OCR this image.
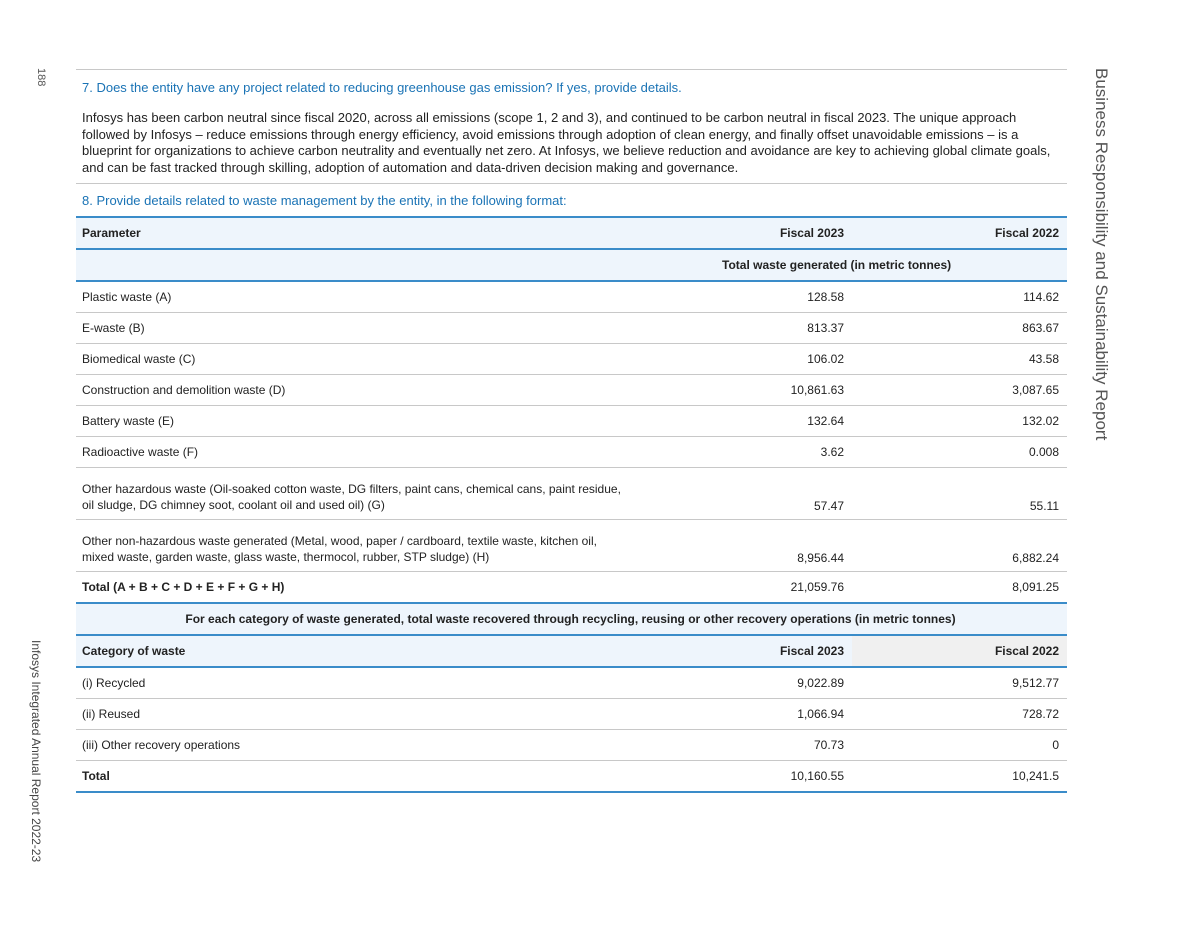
188
Infosys Integrated Annual Report 2022-23
Business Responsibility and Sustainability Report
7. Does the entity have any project related to reducing greenhouse gas emission? If yes, provide details.
Infosys has been carbon neutral since fiscal 2020, across all emissions (scope 1, 2 and 3), and continued to be carbon neutral in fiscal 2023. The unique approach followed by Infosys – reduce emissions through energy efficiency, avoid emissions through adoption of clean energy, and finally offset unavoidable emissions – is a blueprint for organizations to achieve carbon neutrality and eventually net zero. At Infosys, we believe reduction and avoidance are key to achieving global climate goals, and can be fast tracked through skilling, adoption of automation and data-driven decision making and governance.
8. Provide details related to waste management by the entity, in the following format:
Parameter	Fiscal 2023	Fiscal 2022
	Total waste generated (in metric tonnes)	
Plastic waste (A)	128.58	114.62
E-waste (B)	813.37	863.67
Biomedical waste (C)	106.02	43.58
Construction and demolition waste (D)	10,861.63	3,087.65
Battery waste (E)	132.64	132.02
Radioactive waste (F)	3.62	0.008
Other hazardous waste (Oil-soaked cotton waste, DG filters, paint cans, chemical cans, paint residue,
oil sludge, DG chimney soot, coolant oil and used oil) (G)	57.47	55.11
Other non-hazardous waste generated (Metal, wood, paper / cardboard, textile waste, kitchen oil,
mixed waste, garden waste, glass waste, thermocol, rubber, STP sludge) (H)	8,956.44	6,882.24
Total (A + B + C + D + E + F + G + H)	21,059.76	8,091.25
For each category of waste generated, total waste recovered through recycling, reusing or other recovery operations (in metric tonnes)		
Category of waste	Fiscal 2023	Fiscal 2022
(i) Recycled	9,022.89	9,512.77
(ii) Reused	1,066.94	728.72
(iii) Other recovery operations	70.73	0
Total	10,160.55	10,241.5
